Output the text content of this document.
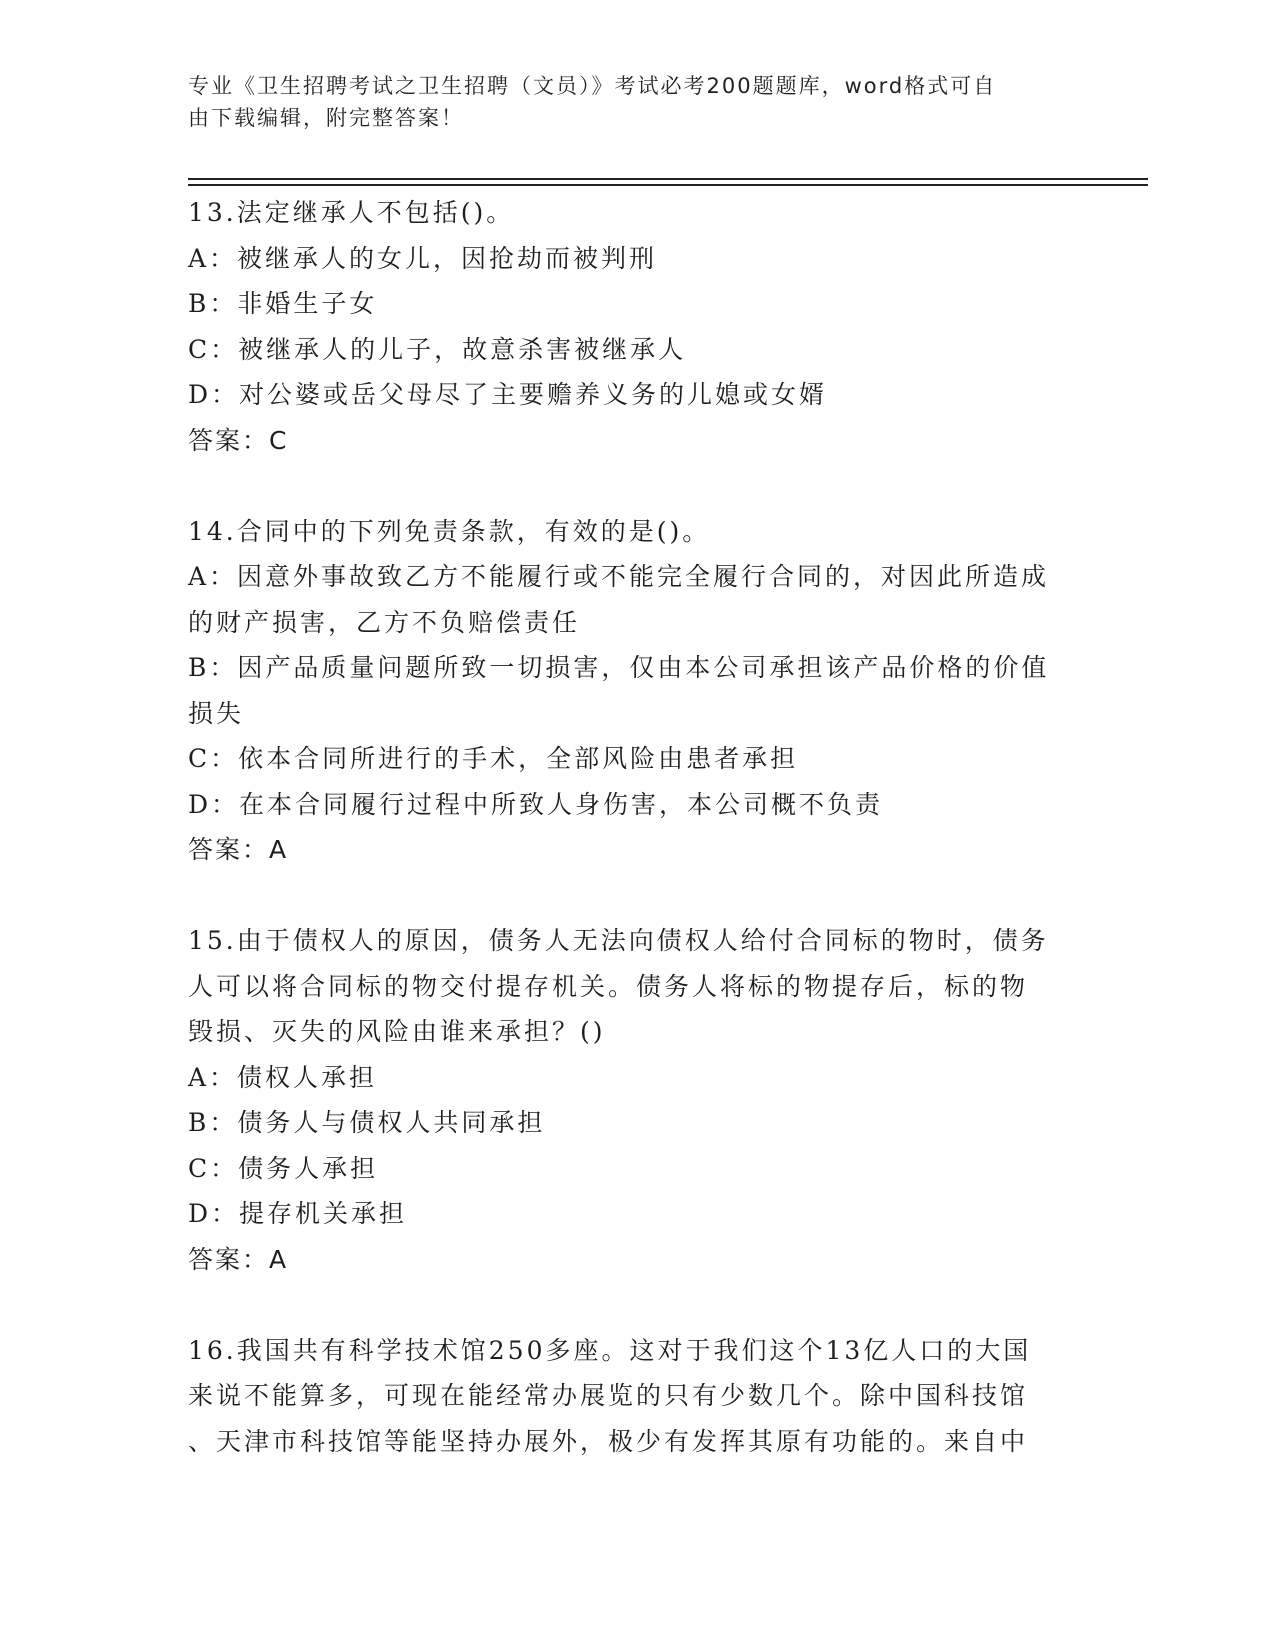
专业《卫生招聘考试之卫生招聘（文员）》考试必考200题题库，word格式可自
由下载编辑，附完整答案！

13.法定继承人不包括()。

A：被继承人的女儿，因抢劫而被判刑

B：非婚生子女

C：被继承人的儿子，故意杀害被继承人

D：对公婆或岳父母尽了主要赡养义务的儿媳或女婿

答案：C

14.合同中的下列免责条款，有效的是()。

A：因意外事故致乙方不能履行或不能完全履行合同的，对因此所造成

的财产损害，乙方不负赔偿责任

B：因产品质量问题所致一切损害，仅由本公司承担该产品价格的价值

损失

C：依本合同所进行的手术，全部风险由患者承担

D：在本合同履行过程中所致人身伤害，本公司概不负责

答案：A

15.由于债权人的原因，债务人无法向债权人给付合同标的物时，债务

人可以将合同标的物交付提存机关。债务人将标的物提存后，标的物

毁损、灭失的风险由谁来承担？()

A：债权人承担

B：债务人与债权人共同承担

C：债务人承担

D：提存机关承担

答案：A

16.我国共有科学技术馆250多座。这对于我们这个13亿人口的大国

来说不能算多，可现在能经常办展览的只有少数几个。除中国科技馆

、天津市科技馆等能坚持办展外，极少有发挥其原有功能的。来自中
